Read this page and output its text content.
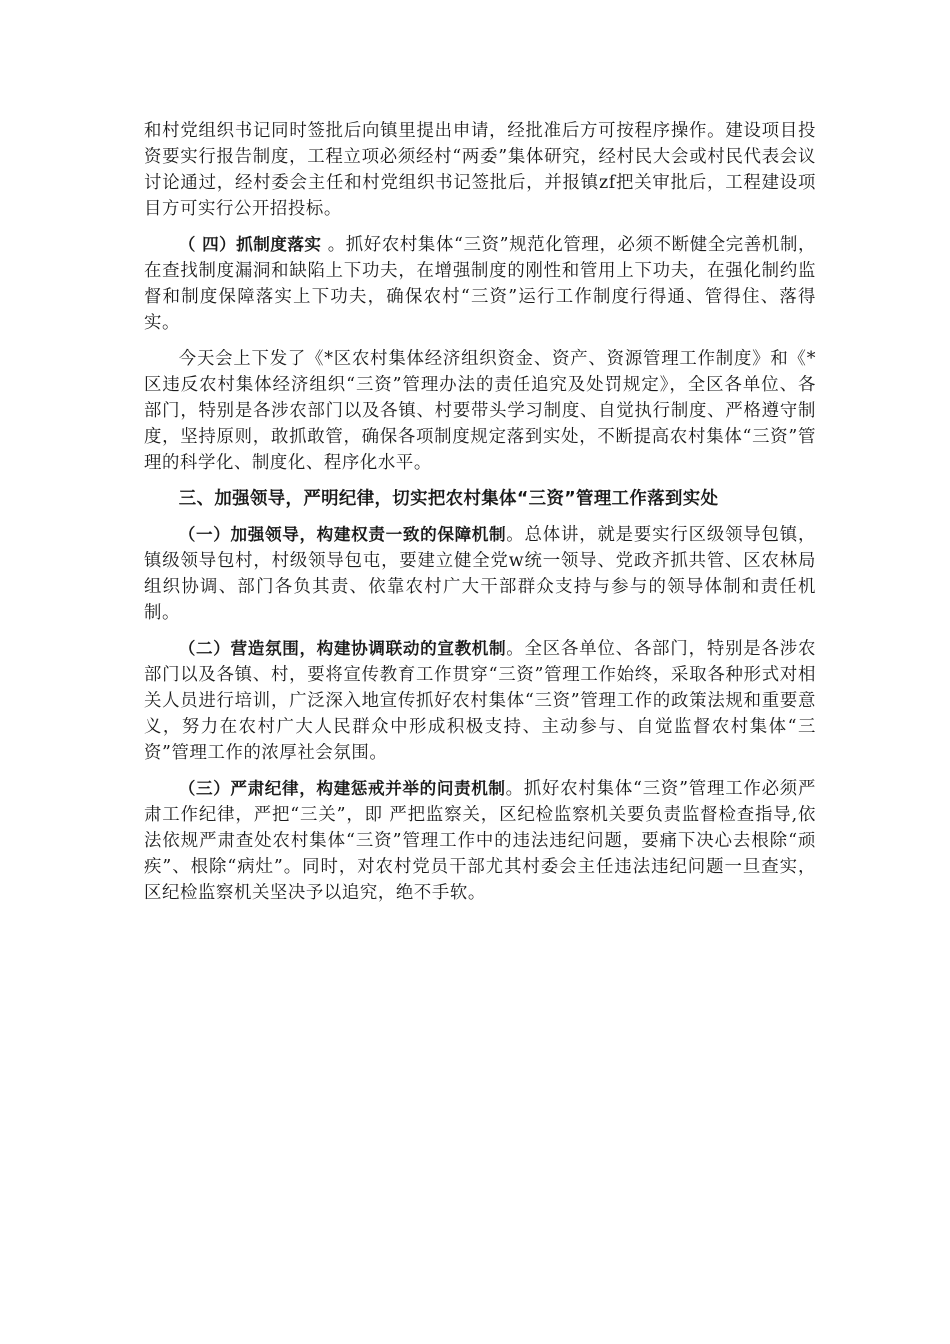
和村党组织书记同时签批后向镇里提出申请，经批准后方可按程序操作。建设项目投资要实行报告制度，工程立项必须经村“两委”集体研究，经村民大会或村民代表会议讨论通过，经村委会主任和村党组织书记签批后，并报镇zf把关审批后，工程建设项目方可实行公开招投标。

（ 四）抓制度落实 。抓好农村集体“三资”规范化管理，必须不断健全完善机制，在查找制度漏洞和缺陷上下功夫，在增强制度的刚性和管用上下功夫，在强化制约监督和制度保障落实上下功夫，确保农村“三资”运行工作制度行得通、管得住、落得实。

今天会上下发了《*区农村集体经济组织资金、资产、资源管理工作制度》和《*区违反农村集体经济组织“三资”管理办法的责任追究及处罚规定》，全区各单位、各部门，特别是各涉农部门以及各镇、村要带头学习制度、自觉执行制度、严格遵守制度，坚持原则，敢抓敢管，确保各项制度规定落到实处，不断提高农村集体“三资”管理的科学化、制度化、程序化水平。

三、加强领导，严明纪律，切实把农村集体“三资”管理工作落到实处

（一）加强领导，构建权责一致的保障机制。总体讲，就是要实行区级领导包镇，镇级领导包村，村级领导包屯，要建立健全党w统一领导、党政齐抓共管、区农林局组织协调、部门各负其责、依靠农村广大干部群众支持与参与的领导体制和责任机制。

（二）营造氛围，构建协调联动的宣教机制。全区各单位、各部门，特别是各涉农部门以及各镇、村，要将宣传教育工作贯穿“三资”管理工作始终，采取各种形式对相关人员进行培训，广泛深入地宣传抓好农村集体“三资”管理工作的政策法规和重要意义，努力在农村广大人民群众中形成积极支持、主动参与、自觉监督农村集体“三资”管理工作的浓厚社会氛围。

（三）严肃纪律，构建惩戒并举的问责机制。抓好农村集体“三资”管理工作必须严肃工作纪律，严把“三关”，即 严把监察关，区纪检监察机关要负责监督检查指导,依法依规严肃查处农村集体“三资”管理工作中的违法违纪问题，要痛下决心去根除“顽疾”、根除“病灶”。同时，对农村党员干部尤其村委会主任违法违纪问题一旦查实，区纪检监察机关坚决予以追究，绝不手软。
